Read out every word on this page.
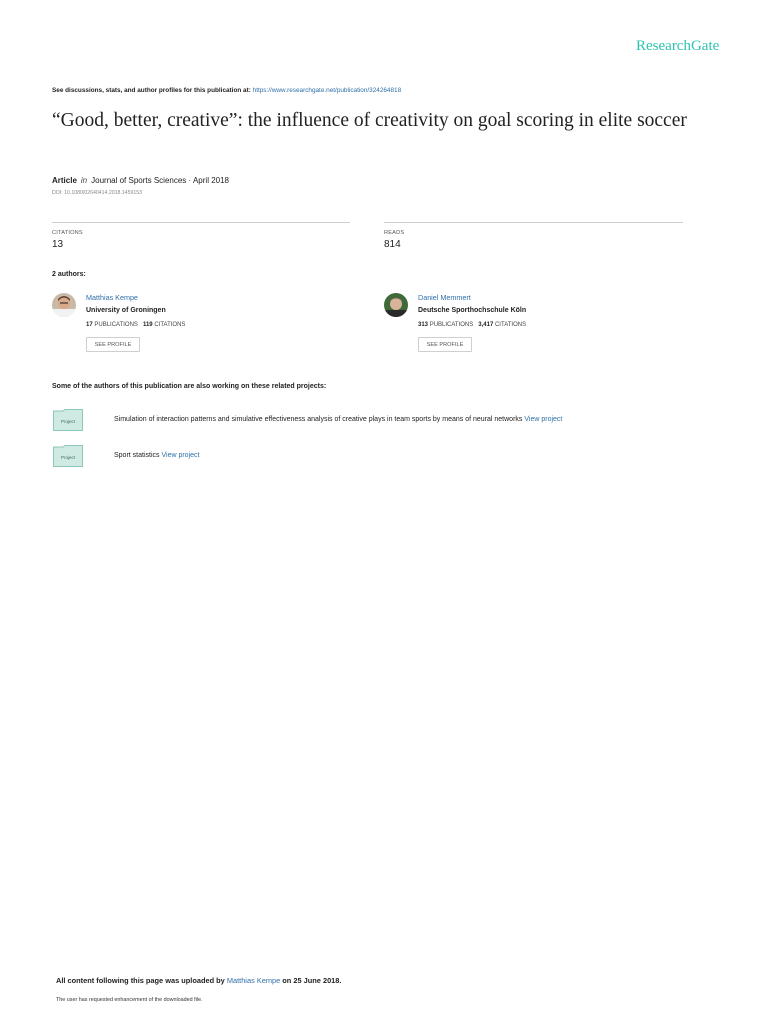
ResearchGate
See discussions, stats, and author profiles for this publication at: https://www.researchgate.net/publication/324264818
“Good, better, creative”: the influence of creativity on goal scoring in elite soccer
Article in Journal of Sports Sciences · April 2018
DOI: 10.1080/02640414.2018.1459153
CITATIONS
13
READS
814
2 authors:
Matthias Kempe
University of Groningen
17 PUBLICATIONS 119 CITATIONS
SEE PROFILE
Daniel Memmert
Deutsche Sporthochschule Köln
313 PUBLICATIONS 3,417 CITATIONS
SEE PROFILE
Some of the authors of this publication are also working on these related projects:
Project	Simulation of interaction patterns and simulative effectiveness analysis of creative plays in team sports by means of neural networks View project
Project	Sport statistics View project
All content following this page was uploaded by Matthias Kempe on 25 June 2018.
The user has requested enhancement of the downloaded file.
